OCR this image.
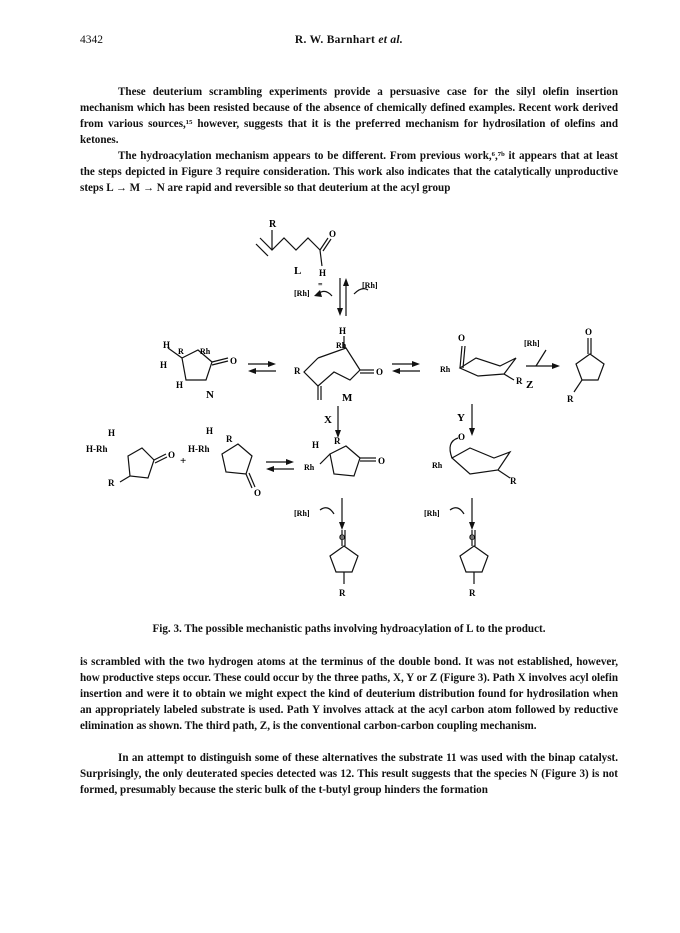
4342	R. W. Barnhart et al.

These deuterium scrambling experiments provide a persuasive case for the silyl olefin insertion mechanism which has been resisted because of the absence of chemically defined examples. Recent work derived from various sources,¹⁵ however, suggests that it is the preferred mechanism for hydrosilation of olefins and ketones.

The hydroacylation mechanism appears to be different. From previous work,⁶,⁷ᵇ it appears that at least the steps depicted in Figure 3 require consideration. This work also indicates that the catalytically unproductive steps L → M → N are rapid and reversible so that deuterium at the acyl group

R
O
H
=
L
[Rh]
[Rh]
H
H
H
R Rh
O
N
H
Rh
R	O
M
O
Rh
R
[Rh]
Z
O
R
X	Y
H-Rh
H
O
R
+
H-Rh
H
R
O
H R
Rh
O
O
Rh
R
[Rh]	[Rh]
O
R
O
R

Fig. 3. The possible mechanistic paths involving hydroacylation of L to the product.

is scrambled with the two hydrogen atoms at the terminus of the double bond. It was not established, however, how productive steps occur. These could occur by the three paths, X, Y or Z (Figure 3). Path X involves acyl olefin insertion and were it to obtain we might expect the kind of deuterium distribution found for hydrosilation when an appropriately labeled substrate is used. Path Y involves attack at the acyl carbon atom followed by reductive elimination as shown. The third path, Z, is the conventional carbon-carbon coupling mechanism.

In an attempt to distinguish some of these alternatives the substrate 11 was used with the binap catalyst. Surprisingly, the only deuterated species detected was 12. This result suggests that the species N (Figure 3) is not formed, presumably because the steric bulk of the t-butyl group hinders the formation
